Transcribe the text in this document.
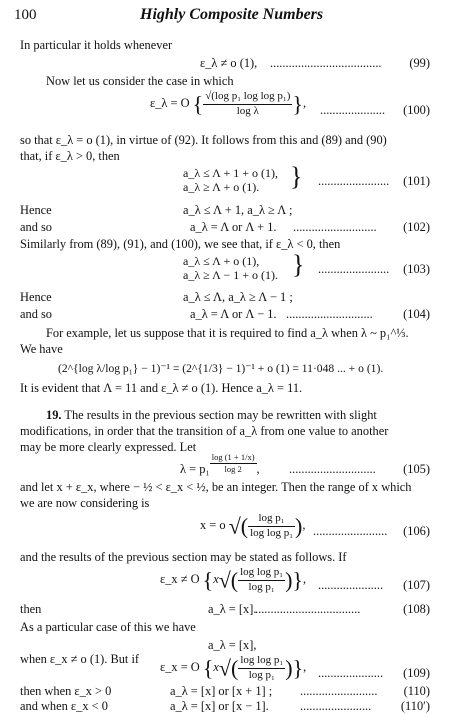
100	Highly Composite Numbers
In particular it holds whenever
ε_λ ≠ o (1), .................................... (99)
Now let us consider the case in which
ε_λ = O { $\frac{\text{√(log p₁ log log p₁)}}{\text{log λ}}$ }, ..................... (100)
so that ε_λ = o (1), in virtue of (92). It follows from this and (89) and (90)
that, if ε_λ > 0, then
a_λ ≤ Λ + 1 + o (1),
a_λ ≥ Λ + o (1). } ....................... (101)
Hence	a_λ ≤ Λ + 1, a_λ ≥ Λ ;
and so	a_λ = Λ or Λ + 1. ........................... (102)
Similarly from (89), (91), and (100), we see that, if ε_λ < 0, then
a_λ ≤ Λ + o (1),
a_λ ≥ Λ − 1 + o (1). } ....................... (103)
Hence	a_λ ≤ Λ, a_λ ≥ Λ − 1 ;
and so	a_λ = Λ or Λ − 1. ............................ (104)
For example, let us suppose that it is required to find a_λ when λ ~ p₁^⅓.
We have
(2^{log λ/log p₁} − 1)⁻¹ = (2^{1/3} − 1)⁻¹ + o (1) = 11·048 ... + o (1).
It is evident that Λ = 11 and ε_λ ≠ o (1). Hence a_λ = 11.
19. The results in the previous section may be rewritten with slight
modifications, in order that the transition of a_λ from one value to another
may be more clearly expressed. Let
$\lambda = p_1 \frac{\log (1 + 1/x)}{\log 2}$ , ............................ (105)
and let x + ε_x, where − ½ < ε_x < ½, be an integer. Then the range of x which
we are now considering is
x = o √( $\frac{\text{log p₁}}{\text{log log p₁}}$ ), ........................ (106)
and the results of the previous section may be stated as follows. If
ε_x ≠ O {$x√( \frac{\text{log log p₁}}{\text{log p₁}}$ )}, ..................... (107)
then	a_λ = [x].
..................................	(108)
As a particular case of this we have
a_λ = [x],
when ε_x ≠ o (1). But if
ε_x = O {$x√( \frac{\text{log log p₁}}{\text{log p₁}}$ )}, ..................... (109)
then when ε_x > 0	a_λ = [x] or [x + 1] ; ......................... (110)
and when ε_x < 0	a_λ = [x] or [x − 1].	....................... (110′)
